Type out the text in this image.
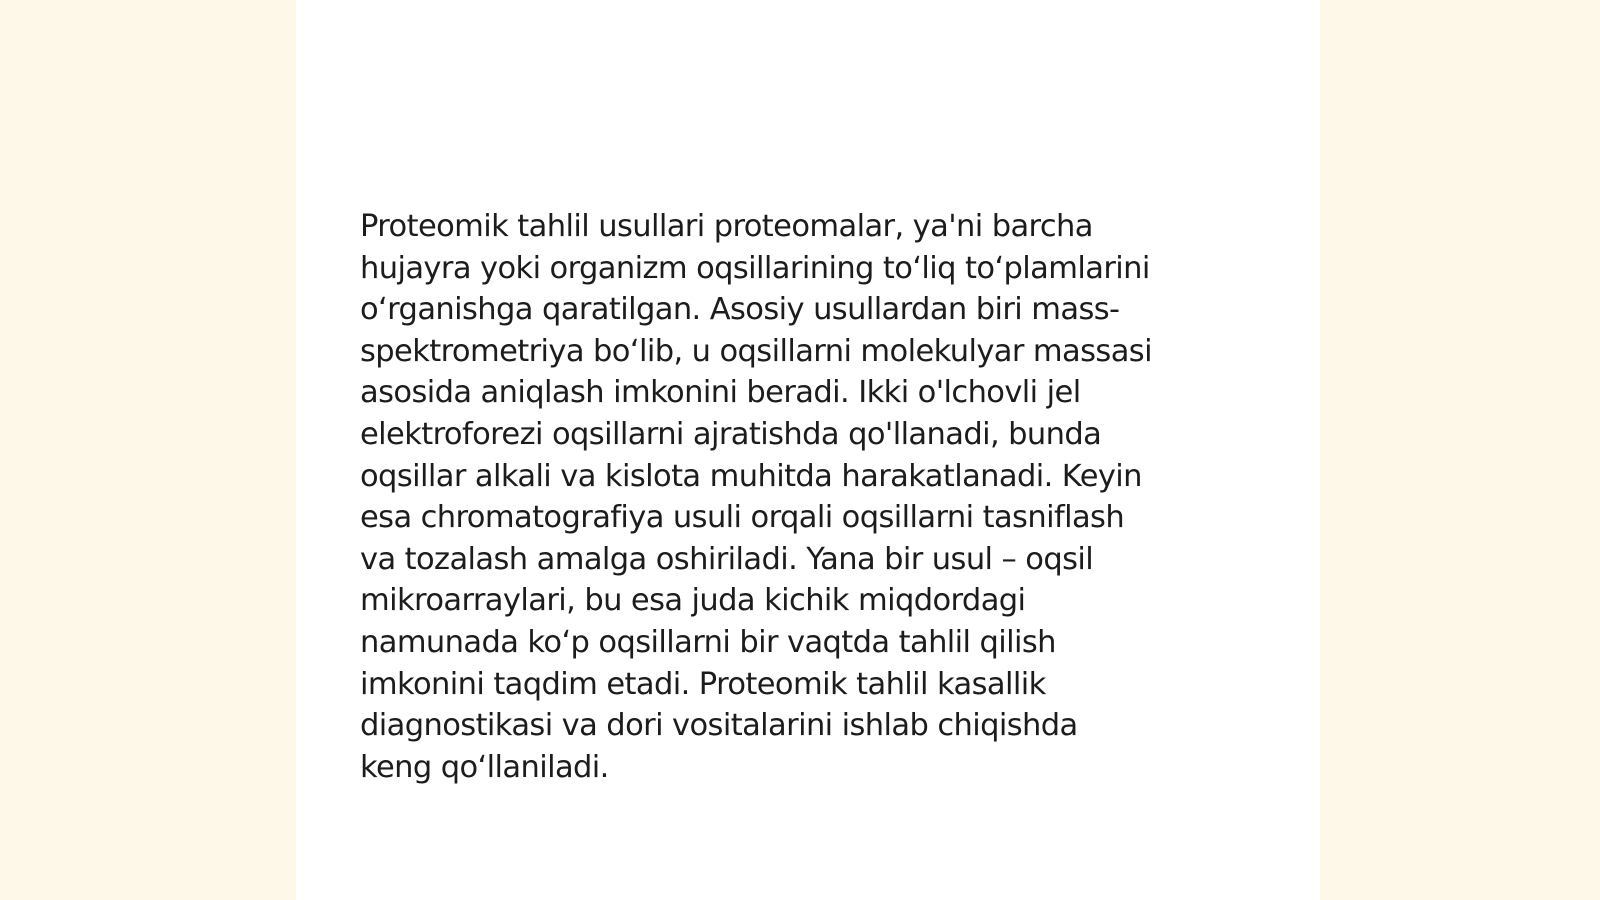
Proteomik tahlil usullari proteomalar, ya'ni barcha
hujayra yoki organizm oqsillarining toʻliq toʻplamlarini
oʻrganishga qaratilgan. Asosiy usullardan biri mass-
spektrometriya boʻlib, u oqsillarni molekulyar massasi
asosida aniqlash imkonini beradi. Ikki o'lchovli jel
elektroforezi oqsillarni ajratishda qo'llanadi, bunda
oqsillar alkali va kislota muhitda harakatlanadi. Keyin
esa chromatografiya usuli orqali oqsillarni tasniflash
va tozalash amalga oshiriladi. Yana bir usul – oqsil
mikroarraylari, bu esa juda kichik miqdordagi
namunada koʻp oqsillarni bir vaqtda tahlil qilish
imkonini taqdim etadi. Proteomik tahlil kasallik
diagnostikasi va dori vositalarini ishlab chiqishda
keng qoʻllaniladi.
